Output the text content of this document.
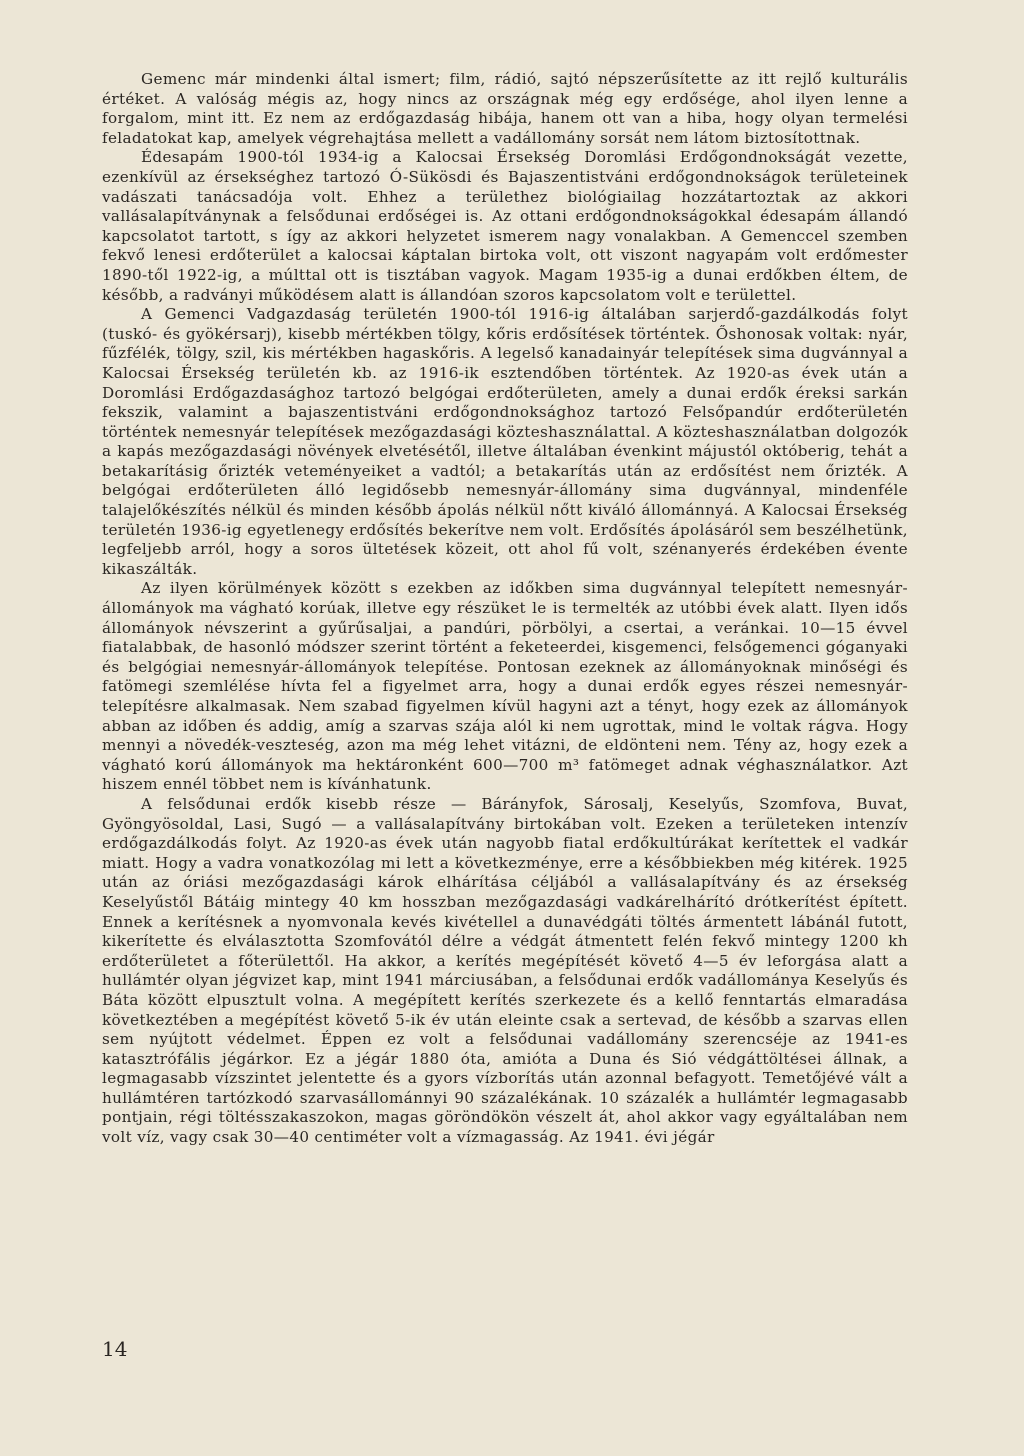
Gemenc már mindenki által ismert; film, rádió, sajtó népszerűsítette az itt rejlő kulturális értéket. A valóság mégis az, hogy nincs az országnak még egy erdősége, ahol ilyen lenne a forgalom, mint itt. Ez nem az erdőgazdaság hibája, hanem ott van a hiba, hogy olyan termelési feladatokat kap, amelyek végrehajtása mellett a vadállomány sorsát nem látom biztosítottnak.

Édesapám 1900-tól 1934-ig a Kalocsai Érsekség Doromlási Erdőgondnokságát vezette, ezenkívül az érsekséghez tartozó Ó-Sükösdi és Bajaszentistváni erdőgondnokságok területeinek vadászati tanácsadója volt. Ehhez a területhez biológiailag hozzátartoztak az akkori vallásalapítványnak a felsődunai erdőségei is. Az ottani erdőgondnokságokkal édesapám állandó kapcsolatot tartott, s így az akkori helyzetet ismerem nagy vonalakban. A Gemenccel szemben fekvő lenesi erdőterület a kalocsai káptalan birtoka volt, ott viszont nagyapám volt erdőmester 1890-től 1922-ig, a múlttal ott is tisztában vagyok. Magam 1935-ig a dunai erdőkben éltem, de később, a radványi működésem alatt is állandóan szoros kapcsolatom volt e területtel.

A Gemenci Vadgazdaság területén 1900-tól 1916-ig általában sarjerdő-gazdálkodás folyt (tuskó- és gyökérsarj), kisebb mértékben tölgy, kőris erdősítések történtek. Őshonosak voltak: nyár, fűzfélék, tölgy, szil, kis mértékben hagaskőris. A legelső kanadainyár telepítések sima dugvánnyal a Kalocsai Érsekség területén kb. az 1916-ik esztendőben történtek. Az 1920-as évek után a Doromlási Erdőgazdasághoz tartozó belgógai erdőterületen, amely a dunai erdők éreksi sarkán fekszik, valamint a bajaszentistváni erdőgondnoksághoz tartozó Felsőpandúr erdőterületén történtek nemesnyár telepítések mezőgazdasági közteshasználattal. A közteshasználatban dolgozók a kapás mezőgazdasági növények elvetésétől, illetve általában évenkint májustól októberig, tehát a betakarításig őrizték veteményeiket a vadtól; a betakarítás után az erdősítést nem őrizték. A belgógai erdőterületen álló legidősebb nemesnyár-állomány sima dugvánnyal, mindenféle talajelőkészítés nélkül és minden később ápolás nélkül nőtt kiváló állománnyá. A Kalocsai Érsekség területén 1936-ig egyetlenegy erdősítés bekerítve nem volt. Erdősítés ápolásáról sem beszélhetünk, legfeljebb arról, hogy a soros ültetések közeit, ott ahol fű volt, szénanyerés érdekében évente kikaszálták.

Az ilyen körülmények között s ezekben az időkben sima dugvánnyal telepített nemesnyár-állományok ma vágható korúak, illetve egy részüket le is termelték az utóbbi évek alatt. Ilyen idős állományok névszerint a gyűrűsaljai, a pandúri, pörbölyi, a csertai, a veránkai. 10—15 évvel fiatalabbak, de hasonló módszer szerint történt a feketeerdei, kisgemenci, felsőgemenci góganyaki és belgógiai nemesnyár-állományok telepítése. Pontosan ezeknek az állományoknak minőségi és fatömegi szemlélése hívta fel a figyelmet arra, hogy a dunai erdők egyes részei nemesnyár-telepítésre alkalmasak. Nem szabad figyelmen kívül hagyni azt a tényt, hogy ezek az állományok abban az időben és addig, amíg a szarvas szája alól ki nem ugrottak, mind le voltak rágva. Hogy mennyi a növedék-veszteség, azon ma még lehet vitázni, de eldönteni nem. Tény az, hogy ezek a vágható korú állományok ma hektáronként 600—700 m³ fatömeget adnak véghasználatkor. Azt hiszem ennél többet nem is kívánhatunk.

A felsődunai erdők kisebb része — Bárányfok, Sárosalj, Keselyűs, Szomfova, Buvat, Gyöngyösoldal, Lasi, Sugó — a vallásalapítvány birtokában volt. Ezeken a területeken intenzív erdőgazdálkodás folyt. Az 1920-as évek után nagyobb fiatal erdőkultúrákat kerítettek el vadkár miatt. Hogy a vadra vonatkozólag mi lett a következménye, erre a későbbiekben még kitérek. 1925 után az óriási mezőgazdasági károk elhárítása céljából a vallásalapítvány és az érsekség Keselyűstől Bátáig mintegy 40 km hosszban mezőgazdasági vadkárelhárító drótkerítést épített. Ennek a kerítésnek a nyomvonala kevés kivétellel a dunavédgáti töltés ármentett lábánál futott, kikerítette és elválasztotta Szomfovától délre a védgát átmentett felén fekvő mintegy 1200 kh erdőterületet a főterülettől. Ha akkor, a kerítés megépítését követő 4—5 év leforgása alatt a hullámtér olyan jégvizet kap, mint 1941 márciusában, a felsődunai erdők vadállománya Keselyűs és Báta között elpusztult volna. A megépített kerítés szerkezete és a kellő fenntartás elmaradása következtében a megépítést követő 5-ik év után eleinte csak a sertevad, de később a szarvas ellen sem nyújtott védelmet. Éppen ez volt a felsődunai vadállomány szerencséje az 1941-es katasztrófális jégárkor. Ez a jégár 1880 óta, amióta a Duna és Sió védgáttöltései állnak, a legmagasabb vízszintet jelentette és a gyors vízborítás után azonnal befagyott. Temetőjévé vált a hullámtéren tartózkodó szarvasállománnyi 90 százalékának. 10 százalék a hullámtér legmagasabb pontjain, régi töltésszakaszokon, magas göröndökön vészelt át, ahol akkor vagy egyáltalában nem volt víz, vagy csak 30—40 centiméter volt a vízmagasság. Az 1941. évi jégár

14
